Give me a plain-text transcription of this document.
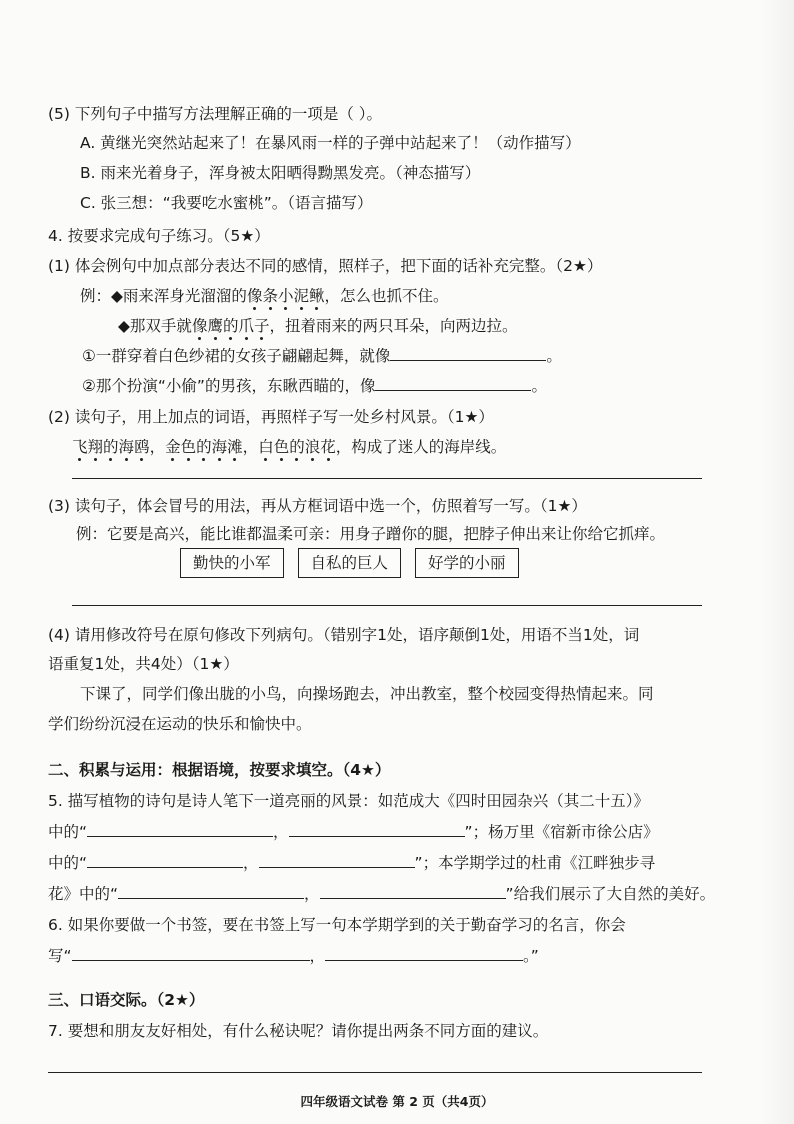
(5) 下列句子中描写方法理解正确的一项是（ ）。
A. 黄继光突然站起来了！在暴风雨一样的子弹中站起来了！（动作描写）
B. 雨来光着身子，浑身被太阳晒得黝黑发亮。（神态描写）
C. 张三想：“我要吃水蜜桃”。（语言描写）
4. 按要求完成句子练习。（5★）
(1) 体会例句中加点部分表达不同的感情，照样子，把下面的话补充完整。（2★）
例：◆雨来浑身光溜溜的像条小泥鳅，怎么也抓不住。
◆那双手就像鹰的爪子，扭着雨来的两只耳朵，向两边拉。
①一群穿着白色纱裙的女孩子翩翩起舞，就像	。
②那个扮演“小偷”的男孩，东瞅西瞄的，像	。
(2) 读句子，用上加点的词语，再照样子写一处乡村风景。（1★）
飞翔的海鸥，金色的海滩，白色的浪花，构成了迷人的海岸线。
(3) 读句子，体会冒号的用法，再从方框词语中选一个，仿照着写一写。（1★）
例：它要是高兴，能比谁都温柔可亲：用身子蹭你的腿，把脖子伸出来让你给它抓痒。
勤快的小军	自私的巨人	好学的小丽
(4) 请用修改符号在原句修改下列病句。（错别字1处，语序颠倒1处，用语不当1处，词
语重复1处，共4处）（1★）
下课了，同学们像出胧的小鸟，向操场跑去，冲出教室，整个校园变得热情起来。同
学们纷纷沉浸在运动的快乐和愉快中。
二、积累与运用：根据语境，按要求填空。（4★）
5. 描写植物的诗句是诗人笔下一道亮丽的风景：如范成大《四时田园杂兴（其二十五）》
中的“	，	”；杨万里《宿新市徐公店》
中的“	，	”；本学期学过的杜甫《江畔独步寻
花》中的“	，	”给我们展示了大自然的美好。
6. 如果你要做一个书签，要在书签上写一句本学期学到的关于勤奋学习的名言，你会
写“	，	。”
三、口语交际。（2★）
7. 要想和朋友友好相处，有什么秘诀呢？请你提出两条不同方面的建议。
四年级语文试卷 第 2 页（共4页）
